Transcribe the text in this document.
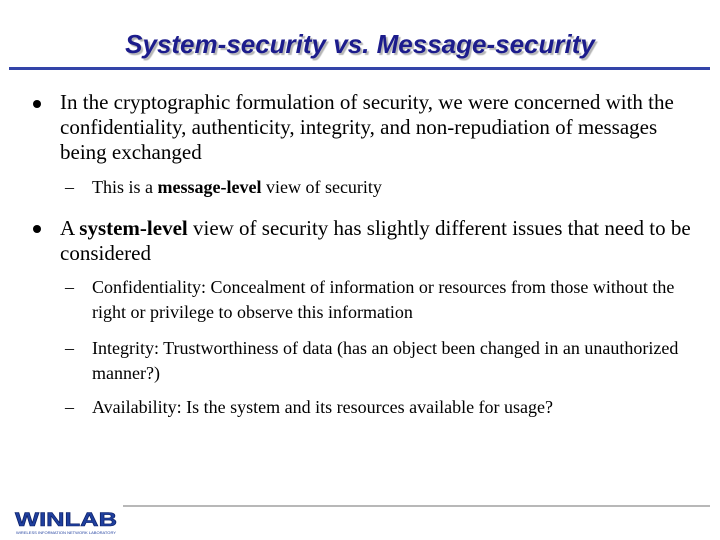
System-security vs. Message-security

In the cryptographic formulation of security, we were concerned with the confidentiality, authenticity, integrity, and non-repudiation of messages being exchanged

– This is a message-level view of security

A system-level view of security has slightly different issues that need to be considered

– Confidentiality: Concealment of information or resources from those without the right or privilege to observe this information

– Integrity: Trustworthiness of data (has an object been changed in an unauthorized manner?)

– Availability: Is the system and its resources available for usage?

WINLAB
WIRELESS INFORMATION NETWORK LABORATORY
